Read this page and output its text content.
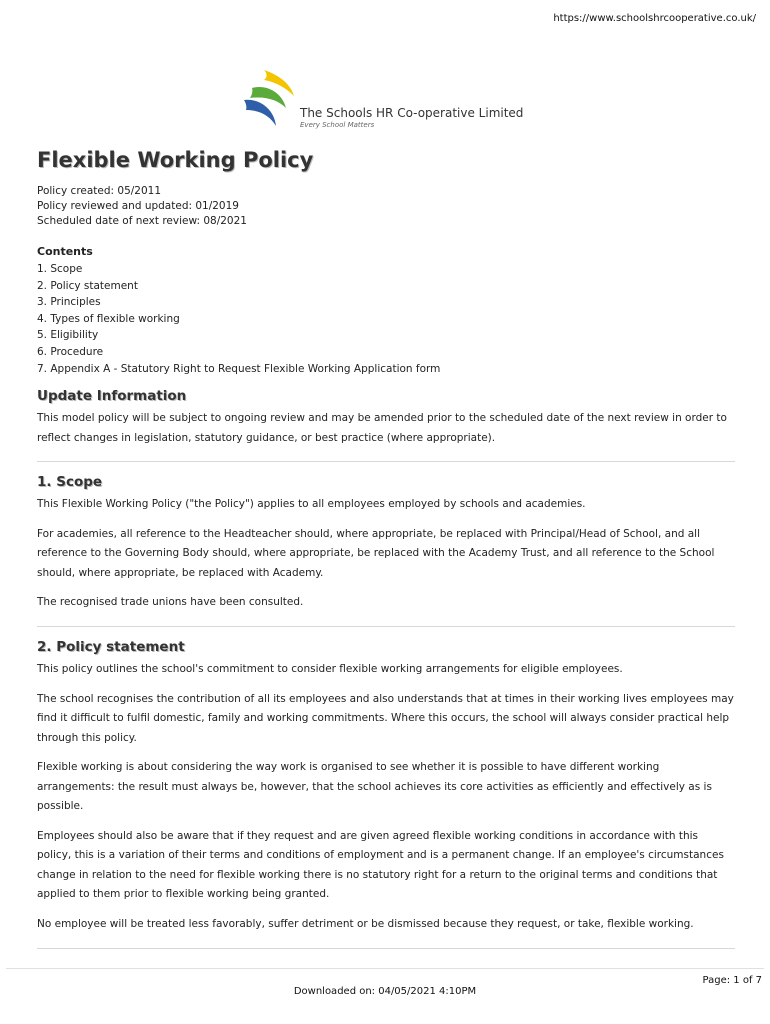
https://www.schoolshrcooperative.co.uk/
The Schools HR Co-operative Limited
Every School Matters
Flexible Working Policy
Policy created: 05/2011
Policy reviewed and updated: 01/2019
Scheduled date of next review: 08/2021
Contents
1. Scope
2. Policy statement
3. Principles
4. Types of flexible working
5. Eligibility
6. Procedure
7. Appendix A - Statutory Right to Request Flexible Working Application form
Update Information

This model policy will be subject to ongoing review and may be amended prior to the scheduled date of the next review in order to reflect changes in legislation, statutory guidance, or best practice (where appropriate).

1. Scope

This Flexible Working Policy ("the Policy") applies to all employees employed by schools and academies.

For academies, all reference to the Headteacher should, where appropriate, be replaced with Principal/Head of School, and all reference to the Governing Body should, where appropriate, be replaced with the Academy Trust, and all reference to the School should, where appropriate, be replaced with Academy.

The recognised trade unions have been consulted.

2. Policy statement

This policy outlines the school's commitment to consider flexible working arrangements for eligible employees.

The school recognises the contribution of all its employees and also understands that at times in their working lives employees may find it difficult to fulfil domestic, family and working commitments. Where this occurs, the school will always consider practical help through this policy.

Flexible working is about considering the way work is organised to see whether it is possible to have different working arrangements: the result must always be, however, that the school achieves its core activities as efficiently and effectively as is possible.

Employees should also be aware that if they request and are given agreed flexible working conditions in accordance with this policy, this is a variation of their terms and conditions of employment and is a permanent change. If an employee's circumstances change in relation to the need for flexible working there is no statutory right for a return to the original terms and conditions that applied to them prior to flexible working being granted.

No employee will be treated less favorably, suffer detriment or be dismissed because they request, or take, flexible working.

Page: 1 of 7
Downloaded on: 04/05/2021 4:10PM
